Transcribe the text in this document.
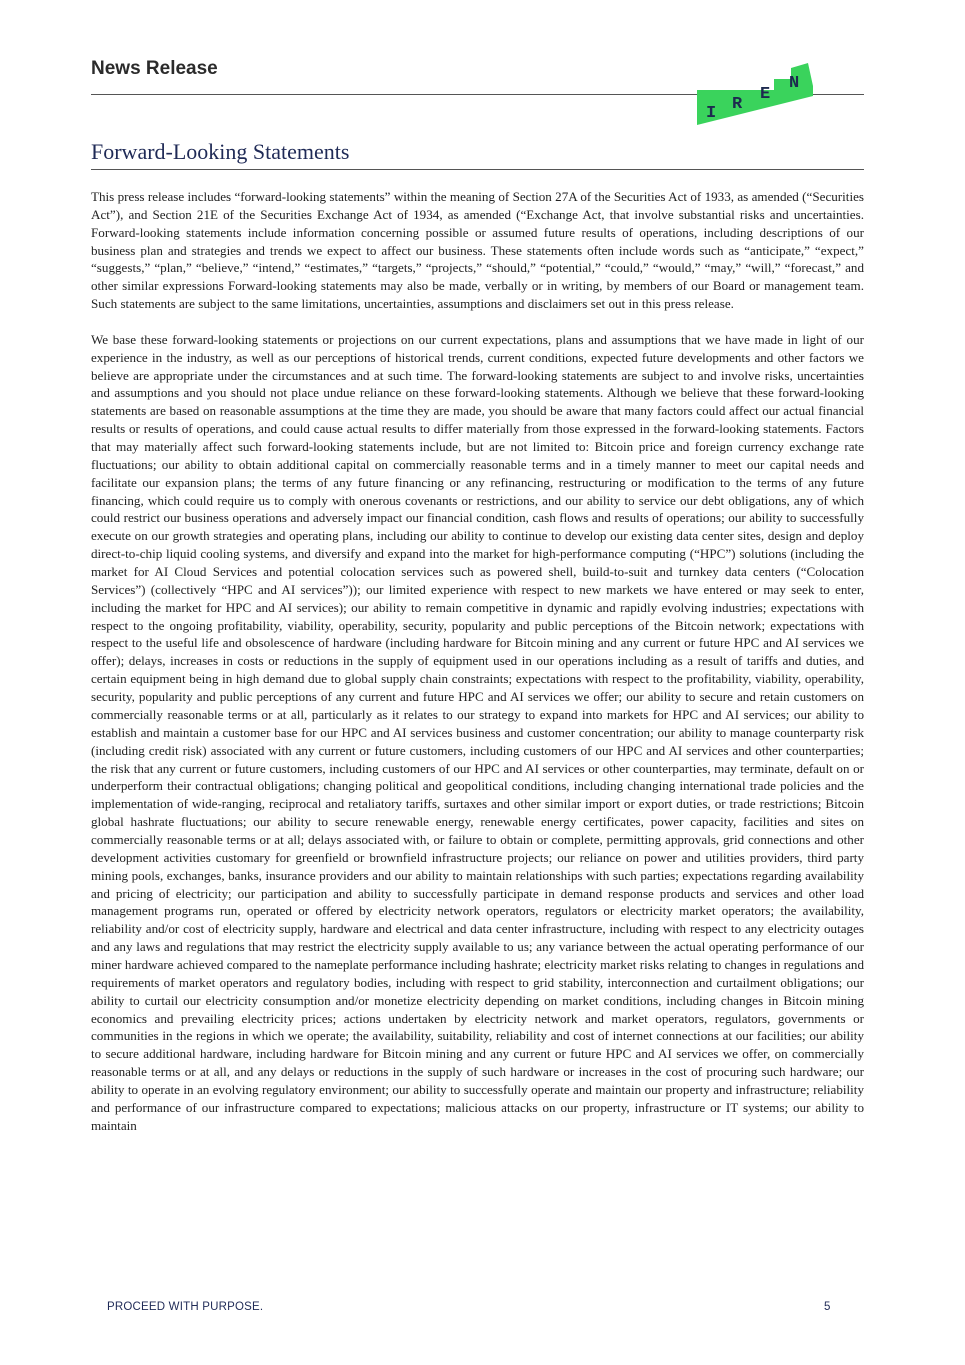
News Release
I R
E
N
Forward-Looking Statements

This press release includes “forward-looking statements” within the meaning of Section 27A of the Securities Act of 1933, as amended (“Securities Act”), and Section 21E of the Securities Exchange Act of 1934, as amended (“Exchange Act, that involve substantial risks and uncertainties. Forward-looking statements include information concerning possible or assumed future results of operations, including descriptions of our business plan and strategies and trends we expect to affect our business. These statements often include words such as “anticipate,” “expect,” “suggests,” “plan,” “believe,” “intend,” “estimates,” “targets,” “projects,” “should,” “potential,” “could,” “would,” “may,” “will,” “forecast,” and other similar expressions Forward-looking statements may also be made, verbally or in writing, by members of our Board or management team. Such statements are subject to the same limitations, uncertainties, assumptions and disclaimers set out in this press release.

We base these forward-looking statements or projections on our current expectations, plans and assumptions that we have made in light of our experience in the industry, as well as our perceptions of historical trends, current conditions, expected future developments and other factors we believe are appropriate under the circumstances and at such time. The forward-looking statements are subject to and involve risks, uncertainties and assumptions and you should not place undue reliance on these forward-looking statements. Although we believe that these forward-looking statements are based on reasonable assumptions at the time they are made, you should be aware that many factors could affect our actual financial results or results of operations, and could cause actual results to differ materially from those expressed in the forward-looking statements. Factors that may materially affect such forward-looking statements include, but are not limited to: Bitcoin price and foreign currency exchange rate fluctuations; our ability to obtain additional capital on commercially reasonable terms and in a timely manner to meet our capital needs and facilitate our expansion plans; the terms of any future financing or any refinancing, restructuring or modification to the terms of any future financing, which could require us to comply with onerous covenants or restrictions, and our ability to service our debt obligations, any of which could restrict our business operations and adversely impact our financial condition, cash flows and results of operations; our ability to successfully execute on our growth strategies and operating plans, including our ability to continue to develop our existing data center sites, design and deploy direct-to-chip liquid cooling systems, and diversify and expand into the market for high-performance computing (“HPC”) solutions (including the market for AI Cloud Services and potential colocation services such as powered shell, build-to-suit and turnkey data centers (“Colocation Services”) (collectively “HPC and AI services”)); our limited experience with respect to new markets we have entered or may seek to enter, including the market for HPC and AI services); our ability to remain competitive in dynamic and rapidly evolving industries; expectations with respect to the ongoing profitability, viability, operability, security, popularity and public perceptions of the Bitcoin network; expectations with respect to the useful life and obsolescence of hardware (including hardware for Bitcoin mining and any current or future HPC and AI services we offer); delays, increases in costs or reductions in the supply of equipment used in our operations including as a result of tariffs and duties, and certain equipment being in high demand due to global supply chain constraints; expectations with respect to the profitability, viability, operability, security, popularity and public perceptions of any current and future HPC and AI services we offer; our ability to secure and retain customers on commercially reasonable terms or at all, particularly as it relates to our strategy to expand into markets for HPC and AI services; our ability to establish and maintain a customer base for our HPC and AI services business and customer concentration; our ability to manage counterparty risk (including credit risk) associated with any current or future customers, including customers of our HPC and AI services and other counterparties; the risk that any current or future customers, including customers of our HPC and AI services or other counterparties, may terminate, default on or underperform their contractual obligations; changing political and geopolitical conditions, including changing international trade policies and the implementation of wide-ranging, reciprocal and retaliatory tariffs, surtaxes and other similar import or export duties, or trade restrictions; Bitcoin global hashrate fluctuations; our ability to secure renewable energy, renewable energy certificates, power capacity, facilities and sites on commercially reasonable terms or at all; delays associated with, or failure to obtain or complete, permitting approvals, grid connections and other development activities customary for greenfield or brownfield infrastructure projects; our reliance on power and utilities providers, third party mining pools, exchanges, banks, insurance providers and our ability to maintain relationships with such parties; expectations regarding availability and pricing of electricity; our participation and ability to successfully participate in demand response products and services and other load management programs run, operated or offered by electricity network operators, regulators or electricity market operators; the availability, reliability and/or cost of electricity supply, hardware and electrical and data center infrastructure, including with respect to any electricity outages and any laws and regulations that may restrict the electricity supply available to us; any variance between the actual operating performance of our miner hardware achieved compared to the nameplate performance including hashrate; electricity market risks relating to changes in regulations and requirements of market operators and regulatory bodies, including with respect to grid stability, interconnection and curtailment obligations; our ability to curtail our electricity consumption and/or monetize electricity depending on market conditions, including changes in Bitcoin mining economics and prevailing electricity prices; actions undertaken by electricity network and market operators, regulators, governments or communities in the regions in which we operate; the availability, suitability, reliability and cost of internet connections at our facilities; our ability to secure additional hardware, including hardware for Bitcoin mining and any current or future HPC and AI services we offer, on commercially reasonable terms or at all, and any delays or reductions in the supply of such hardware or increases in the cost of procuring such hardware; our ability to operate in an evolving regulatory environment; our ability to successfully operate and maintain our property and infrastructure; reliability and performance of our infrastructure compared to expectations; malicious attacks on our property, infrastructure or IT systems; our ability to maintain

PROCEED WITH PURPOSE.	5
